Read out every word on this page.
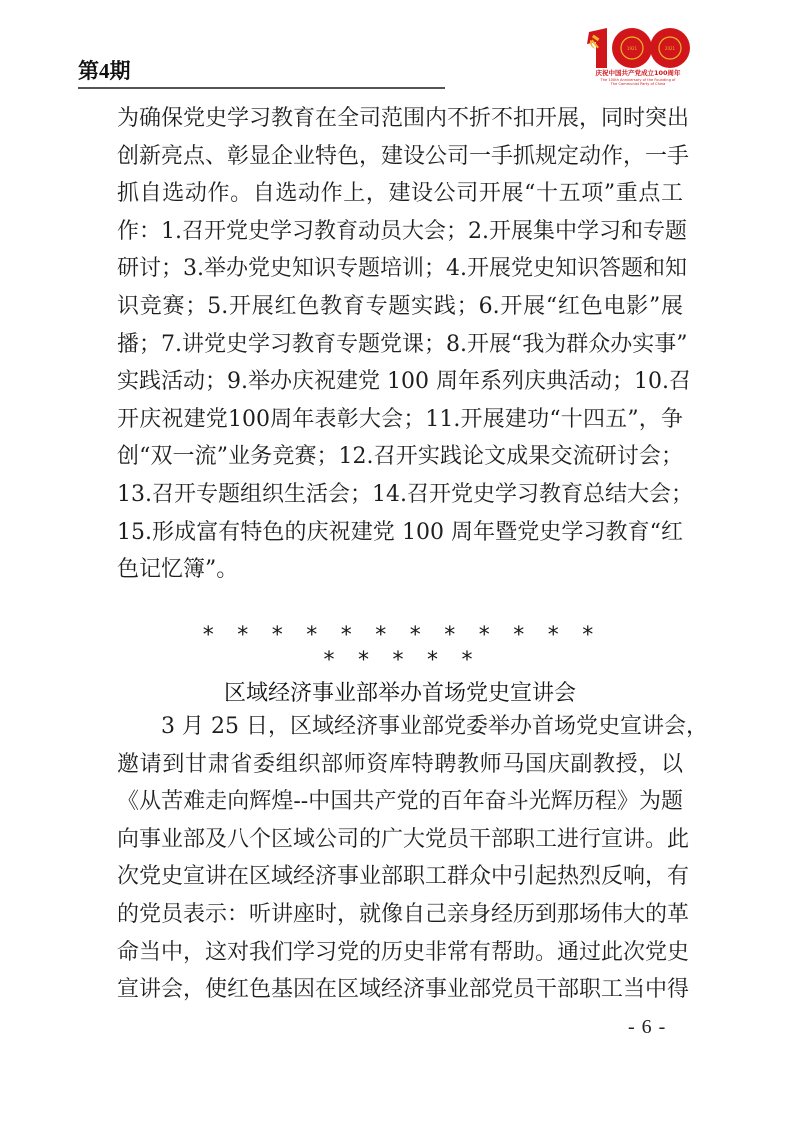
第4期
1921	2021
庆祝中国共产党成立100周年
The 100th Anniversary of the Founding of
The Communist Party of China
为确保党史学习教育在全司范围内不折不扣开展，同时突出
创新亮点、彰显企业特色，建设公司一手抓规定动作，一手
抓自选动作。自选动作上，建设公司开展“十五项”重点工
作：1.召开党史学习教育动员大会；2.开展集中学习和专题
研讨；3.举办党史知识专题培训；4.开展党史知识答题和知
识竞赛；5.开展红色教育专题实践；6.开展“红色电影”展
播；7.讲党史学习教育专题党课；8.开展“我为群众办实事”
实践活动；9.举办庆祝建党 100 周年系列庆典活动；10.召
开庆祝建党100周年表彰大会；11.开展建功“十四五”，争
创“双一流”业务竞赛；12.召开实践论文成果交流研讨会；
13.召开专题组织生活会；14.召开党史学习教育总结大会；
15.形成富有特色的庆祝建党 100 周年暨党史学习教育“红
色记忆簿”。
* * * * * * * * * * * * * * * * *
区域经济事业部举办首场党史宣讲会
3 月 25 日，区域经济事业部党委举办首场党史宣讲会，
邀请到甘肃省委组织部师资库特聘教师马国庆副教授，以
《从苦难走向辉煌--中国共产党的百年奋斗光辉历程》为题
向事业部及八个区域公司的广大党员干部职工进行宣讲。此
次党史宣讲在区域经济事业部职工群众中引起热烈反响，有
的党员表示：听讲座时，就像自己亲身经历到那场伟大的革
命当中，这对我们学习党的历史非常有帮助。通过此次党史
宣讲会，使红色基因在区域经济事业部党员干部职工当中得
- 6 -
